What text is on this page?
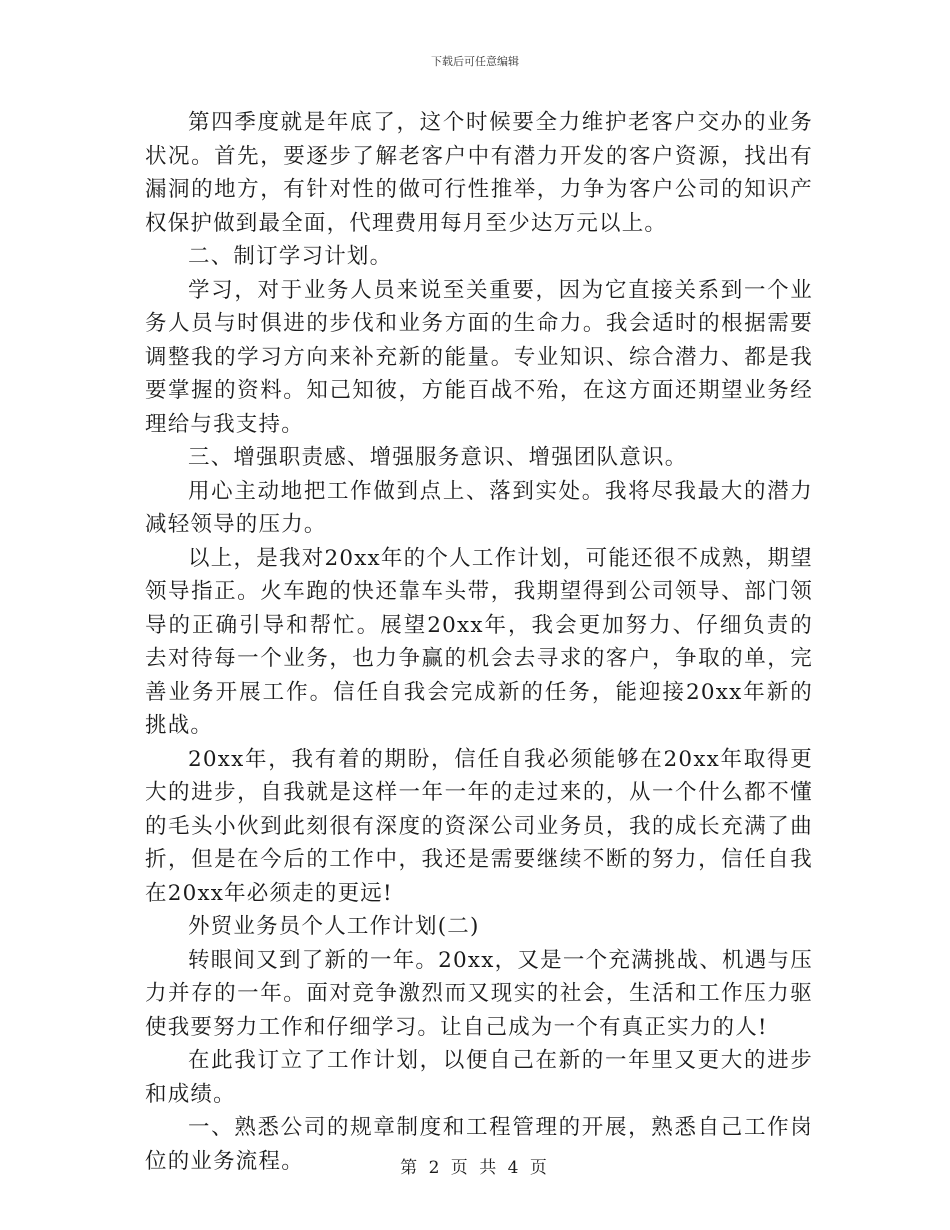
下载后可任意编辑

第四季度就是年底了，这个时候要全力维护老客户交办的业务状况。首先，要逐步了解老客户中有潜力开发的客户资源，找出有漏洞的地方，有针对性的做可行性推举，力争为客户公司的知识产权保护做到最全面，代理费用每月至少达万元以上。

二、制订学习计划。

学习，对于业务人员来说至关重要，因为它直接关系到一个业务人员与时俱进的步伐和业务方面的生命力。我会适时的根据需要调整我的学习方向来补充新的能量。专业知识、综合潜力、都是我要掌握的资料。知己知彼，方能百战不殆，在这方面还期望业务经理给与我支持。

三、增强职责感、增强服务意识、增强团队意识。

用心主动地把工作做到点上、落到实处。我将尽我最大的潜力减轻领导的压力。

以上，是我对20xx年的个人工作计划，可能还很不成熟，期望领导指正。火车跑的快还靠车头带，我期望得到公司领导、部门领导的正确引导和帮忙。展望20xx年，我会更加努力、仔细负责的去对待每一个业务，也力争赢的机会去寻求的客户，争取的单，完善业务开展工作。信任自我会完成新的任务，能迎接20xx年新的挑战。

20xx年，我有着的期盼，信任自我必须能够在20xx年取得更大的进步，自我就是这样一年一年的走过来的，从一个什么都不懂的毛头小伙到此刻很有深度的资深公司业务员，我的成长充满了曲折，但是在今后的工作中，我还是需要继续不断的努力，信任自我在20xx年必须走的更远!

外贸业务员个人工作计划(二)

转眼间又到了新的一年。20xx，又是一个充满挑战、机遇与压力并存的一年。面对竞争激烈而又现实的社会，生活和工作压力驱使我要努力工作和仔细学习。让自己成为一个有真正实力的人!

在此我订立了工作计划，以便自己在新的一年里又更大的进步和成绩。

一、熟悉公司的规章制度和工程管理的开展，熟悉自己工作岗位的业务流程。	第 2 页 共 4 页
